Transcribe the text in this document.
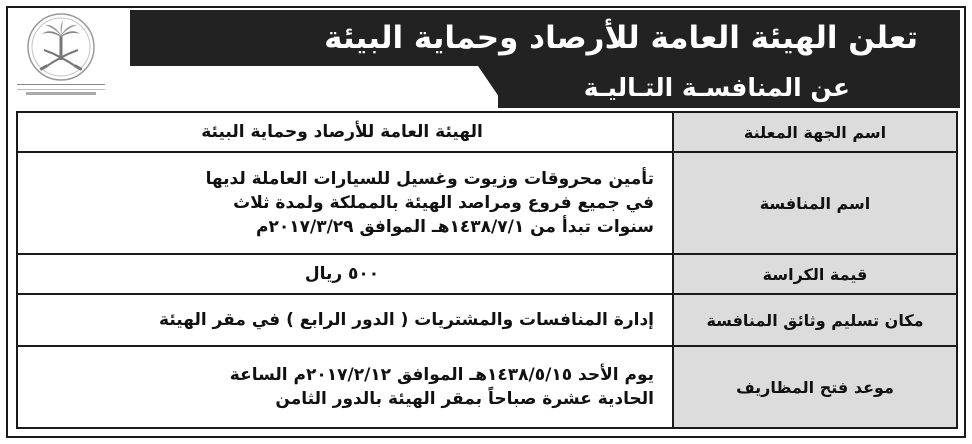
تعلن الهيئة العامة للأرصاد وحماية البيئة
عن المنافسـة التـاليـة
اسم الجهة المعلنة
الهيئة العامة للأرصاد وحماية البيئة
اسم المنافسة
تأمين محروقات وزيوت وغسيل للسيارات العاملة لديها
في جميع فروع ومراصد الهيئة بالمملكة ولمدة ثلاث
سنوات تبدأ من ١٤٣٨/٧/١هـ الموافق ٢٠١٧/٣/٢٩م
قيمة الكراسة
٥٠٠ ريال
مكان تسليم وثائق المنافسة
إدارة المنافسات والمشتريات ( الدور الرابع ) في مقر الهيئة
موعد فتح المظاريف
يوم الأحد ١٤٣٨/٥/١٥هـ الموافق ٢٠١٧/٢/١٢م الساعة
الحادية عشرة صباحاً بمقر الهيئة بالدور الثامن
